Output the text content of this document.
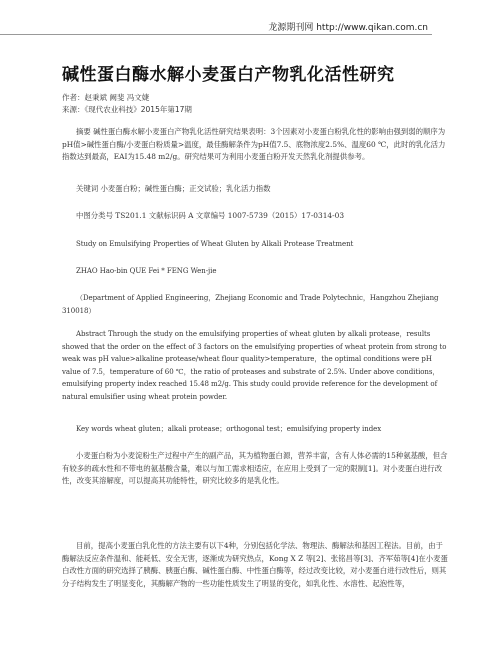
龙源期刊网 http://www.qikan.com.cn
碱性蛋白酶水解小麦蛋白产物乳化活性研究
作者：赵秉斌 阙斐 冯文婕
来源：《现代农业科技》2015年第17期
摘要 碱性蛋白酶水解小麦蛋白产物乳化活性研究结果表明：3个因素对小麦蛋白粉乳化性的影响由强到弱的顺序为pH值>碱性蛋白酶/小麦蛋白粉质量>温度，最佳酶解条件为pH值7.5、底物浓度2.5%、温度60 ℃，此时的乳化活力指数达到最高，EAI为15.48 m2/g。研究结果可为利用小麦蛋白粉开发天然乳化剂提供参考。
关键词 小麦蛋白粉；碱性蛋白酶；正交试验；乳化活力指数
中图分类号 TS201.1 文献标识码 A 文章编号 1007-5739（2015）17-0314-03
Study on Emulsifying Properties of Wheat Gluten by Alkali Protease Treatment
ZHAO Hao-bin QUE Fei * FENG Wen-jie
（Department of Applied Engineering，Zhejiang Economic and Trade Polytechnic，Hangzhou Zhejiang 310018）
Abstract Through the study on the emulsifying properties of wheat gluten by alkali protease，results showed that the order on the effect of 3 factors on the emulsifying properties of wheat protein from strong to weak was pH value>alkaline protease/wheat flour quality>temperature，the optimal conditions were pH value of 7.5，temperature of 60 ℃，the ratio of proteases and substrate of 2.5%. Under above conditions，emulsifying property index reached 15.48 m2/g. This study could provide reference for the development of natural emulsifier using wheat protein powder.
Key words wheat gluten；alkali protease；orthogonal test；emulsifying property index
小麦蛋白粉为小麦淀粉生产过程中产生的副产品，其为植物蛋白源，营养丰富，含有人体必需的15种氨基酸，但含有较多的疏水性和不带电的氨基酸含量，难以与加工需求相适应，在应用上受到了一定的限制[1]。对小麦蛋白进行改性，改变其溶解度，可以提高其功能特性，研究比较多的是乳化性。
目前，提高小麦蛋白乳化性的方法主要有以下4种，分别包括化学法、物理法、酶解法和基因工程法。目前，由于酶解法反应条件温和、能耗低、安全无害，逐渐成为研究热点，Kong X Z 等[2]、张铭昌等[3]、齐军茹等[4]在小麦蛋白改性方面的研究选择了胰酶、胰蛋白酶、碱性蛋白酶、中性蛋白酶等，经过改变比较，对小麦蛋白进行改性后，则其分子结构发生了明显变化，其酶解产物的一些功能性质发生了明显的变化，如乳化性、水溶性、起泡性等，
